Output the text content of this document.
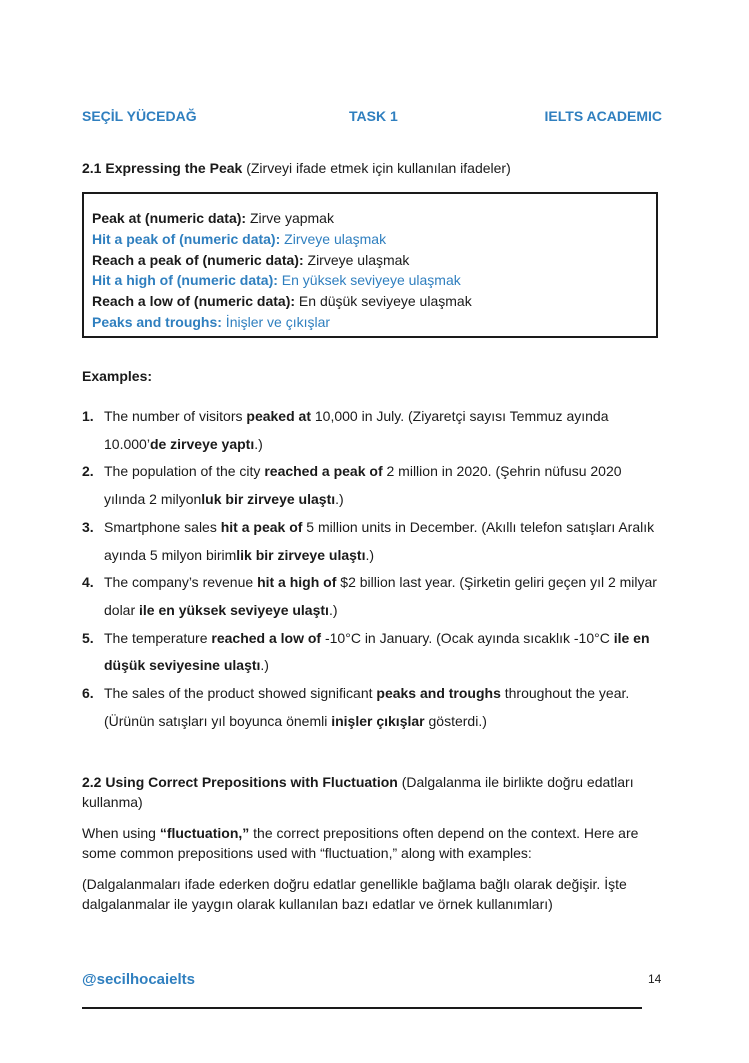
SEÇİL YÜCEDAĞ	TASK 1	IELTS ACADEMIC
2.1 Expressing the Peak (Zirveyi ifade etmek için kullanılan ifadeler)
Peak at (numeric data): Zirve yapmak
Hit a peak of (numeric data): Zirveye ulaşmak
Reach a peak of (numeric data): Zirveye ulaşmak
Hit a high of (numeric data): En yüksek seviyeye ulaşmak
Reach a low of (numeric data): En düşük seviyeye ulaşmak
Peaks and troughs: İnişler ve çıkışlar
Examples:
1. The number of visitors peaked at 10,000 in July. (Ziyaretçi sayısı Temmuz ayında 10.000’de zirveye yaptı.)
2. The population of the city reached a peak of 2 million in 2020. (Şehrin nüfusu 2020 yılında 2 milyonluk bir zirveye ulaştı.)
3. Smartphone sales hit a peak of 5 million units in December. (Akıllı telefon satışları Aralık ayında 5 milyon birimlik bir zirveye ulaştı.)
4. The company’s revenue hit a high of $2 billion last year. (Şirketin geliri geçen yıl 2 milyar dolar ile en yüksek seviyeye ulaştı.)
5. The temperature reached a low of -10°C in January. (Ocak ayında sıcaklık -10°C ile en düşük seviyesine ulaştı.)
6. The sales of the product showed significant peaks and troughs throughout the year. (Ürünün satışları yıl boyunca önemli inişler çıkışlar gösterdi.)
2.2 Using Correct Prepositions with Fluctuation (Dalgalanma ile birlikte doğru edatları kullanma)
When using “fluctuation,” the correct prepositions often depend on the context. Here are some common prepositions used with “fluctuation,” along with examples:
(Dalgalanmaları ifade ederken doğru edatlar genellikle bağlama bağlı olarak değişir. İşte dalgalanmalar ile yaygın olarak kullanılan bazı edatlar ve örnek kullanımları)
@secilhocaielts	14
